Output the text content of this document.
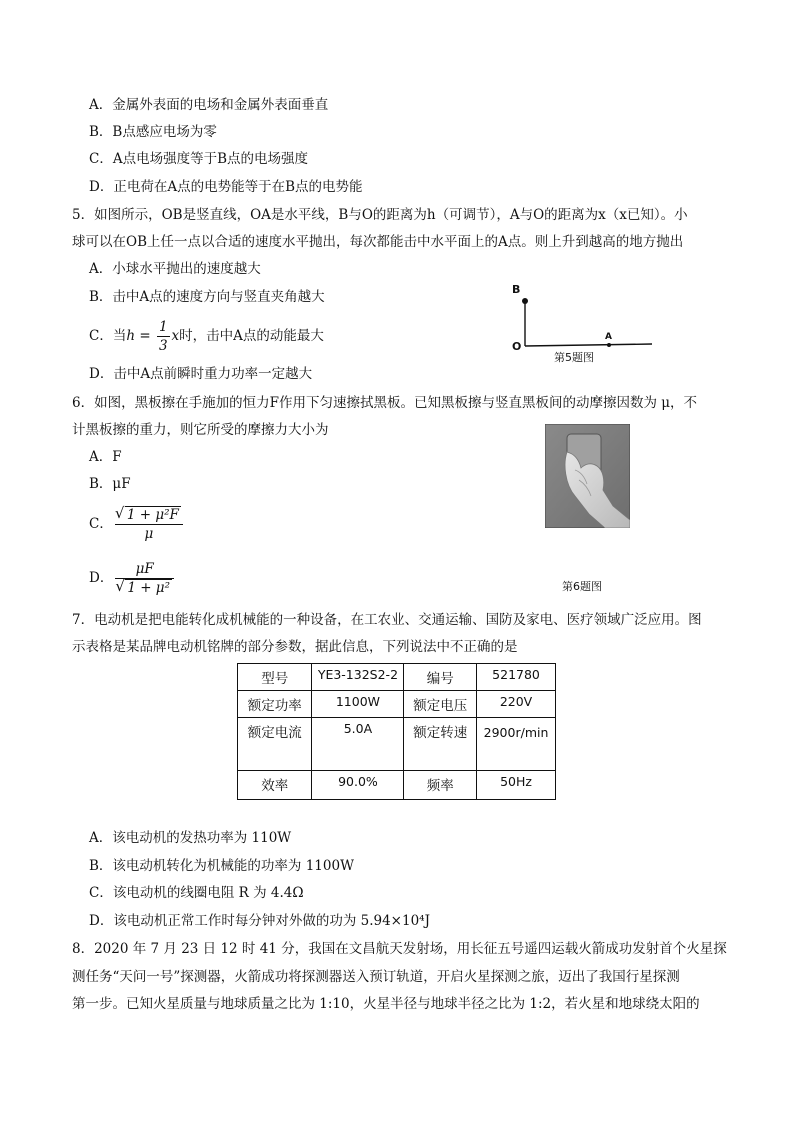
A．金属外表面的电场和金属外表面垂直
B．B点感应电场为零
C．A点电场强度等于B点的电场强度
D．正电荷在A点的电势能等于在B点的电势能
5．如图所示，OB是竖直线，OA是水平线，B与O的距离为h（可调节），A与O的距离为x（x已知）。小
球可以在OB上任一点以合适的速度水平抛出，每次都能击中水平面上的A点。则上升到越高的地方抛出
A．小球水平抛出的速度越大
B．击中A点的速度方向与竖直夹角越大
C．当$h = \frac{1}{3}$ x时，击中A点的动能最大
D．击中A点前瞬时重力功率一定越大
B
O
A
第5题图
6．如图，黑板擦在手施加的恒力F作用下匀速擦拭黑板。已知黑板擦与竖直黑板间的动摩擦因数为 μ，不
计黑板擦的重力，则它所受的摩擦力大小为
A．F
B．μF
C． √ $\frac{\text{1 + μ²F}}{\mu}$
D． μF
√ 1 + μ²	第6题图
7．电动机是把电能转化成机械能的一种设备，在工农业、交通运输、国防及家电、医疗领域广泛应用。图
示表格是某品牌电动机铭牌的部分参数，据此信息，下列说法中不正确的是
型号	YE3-132S2-2	编号	521780
额定功率	1100W	额定电压	220V
额定电流	5.0A	额定转速	2900r/min
效率	90.0%	频率	50Hz
A．该电动机的发热功率为 110W
B．该电动机转化为机械能的功率为 1100W
C．该电动机的线圈电阻 R 为 4.4Ω
D．该电动机正常工作时每分钟对外做的功为 5.94×10⁴J
8．2020 年 7 月 23 日 12 时 41 分，我国在文昌航天发射场，用长征五号遥四运载火箭成功发射首个火星探
测任务“天问一号”探测器，火箭成功将探测器送入预订轨道，开启火星探测之旅，迈出了我国行星探测
第一步。已知火星质量与地球质量之比为 1:10，火星半径与地球半径之比为 1:2，若火星和地球绕太阳的
